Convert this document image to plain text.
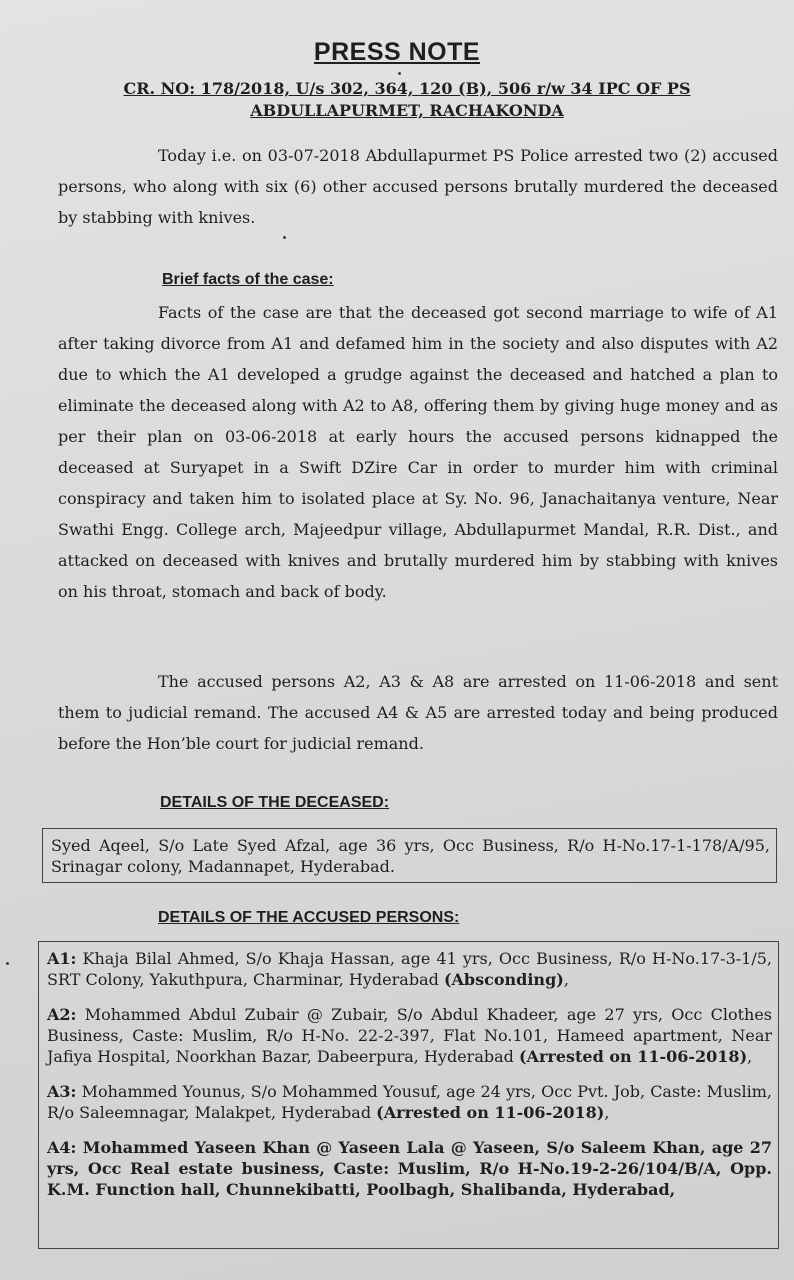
PRESS NOTE
CR. NO: 178/2018, U/s 302, 364, 120 (B), 506 r/w 34 IPC OF PS
ABDULLAPURMET, RACHAKONDA
Today i.e. on 03-07-2018 Abdullapurmet PS Police arrested two (2) accused persons, who along with six (6) other accused persons brutally murdered the deceased by stabbing with knives.
Brief facts of the case:
Facts of the case are that the deceased got second marriage to wife of A1 after taking divorce from A1 and defamed him in the society and also disputes with A2 due to which the A1 developed a grudge against the deceased and hatched a plan to eliminate the deceased along with A2 to A8, offering them by giving huge money and as per their plan on 03-06-2018 at early hours the accused persons kidnapped the deceased at Suryapet in a Swift DZire Car in order to murder him with criminal conspiracy and taken him to isolated place at Sy. No. 96, Janachaitanya venture, Near Swathi Engg. College arch, Majeedpur village, Abdullapurmet Mandal, R.R. Dist., and attacked on deceased with knives and brutally murdered him by stabbing with knives on his throat, stomach and back of body.
The accused persons A2, A3 & A8 are arrested on 11-06-2018 and sent them to judicial remand. The accused A4 & A5 are arrested today and being produced before the Hon’ble court for judicial remand.
DETAILS OF THE DECEASED:
Syed Aqeel, S/o Late Syed Afzal, age 36 yrs, Occ Business, R/o H-No.17-1-178/A/95, Srinagar colony, Madannapet, Hyderabad.
DETAILS OF THE ACCUSED PERSONS:
A1: Khaja Bilal Ahmed, S/o Khaja Hassan, age 41 yrs, Occ Business, R/o H-No.17-3-1/5, SRT Colony, Yakuthpura, Charminar, Hyderabad (Absconding),
A2: Mohammed Abdul Zubair @ Zubair, S/o Abdul Khadeer, age 27 yrs, Occ Clothes Business, Caste: Muslim, R/o H-No. 22-2-397, Flat No.101, Hameed apartment, Near Jafiya Hospital, Noorkhan Bazar, Dabeerpura, Hyderabad (Arrested on 11-06-2018),
A3: Mohammed Younus, S/o Mohammed Yousuf, age 24 yrs, Occ Pvt. Job, Caste: Muslim, R/o Saleemnagar, Malakpet, Hyderabad (Arrested on 11-06-2018),
A4: Mohammed Yaseen Khan @ Yaseen Lala @ Yaseen, S/o Saleem Khan, age 27 yrs, Occ Real estate business, Caste: Muslim, R/o H-No.19-2-26/104/B/A, Opp. K.M. Function hall, Chunnekibatti, Poolbagh, Shalibanda, Hyderabad,
